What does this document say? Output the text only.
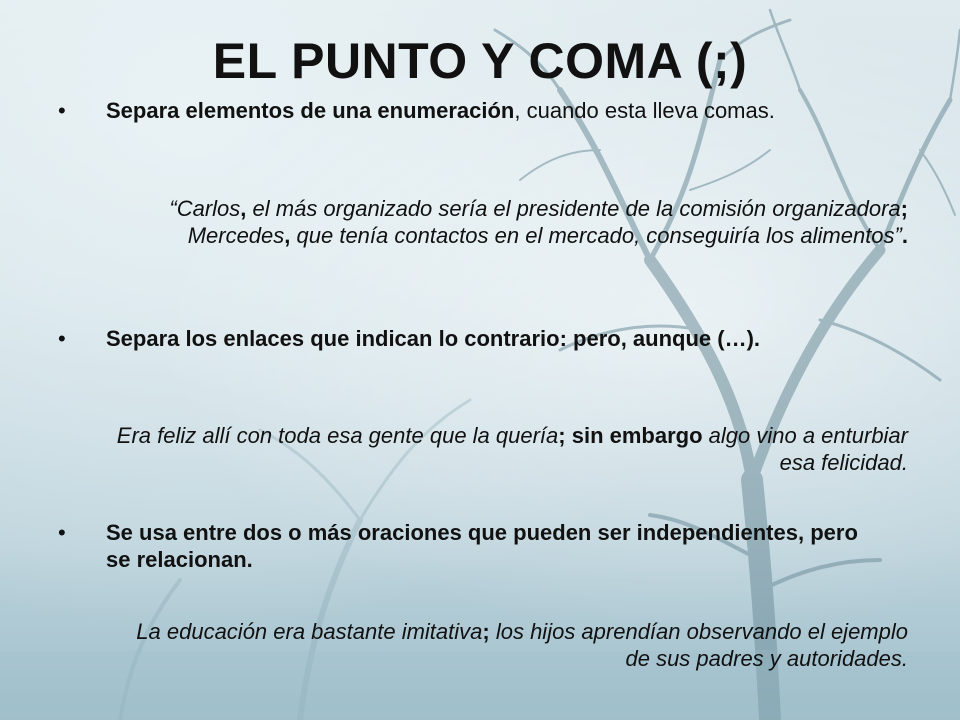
EL PUNTO Y COMA (;)
• Separa elementos de una enumeración, cuando esta lleva comas.
“Carlos, el más organizado sería el presidente de la comisión organizadora; Mercedes, que tenía contactos en el mercado, conseguiría los alimentos”.
• Separa los enlaces que indican lo contrario: pero, aunque (…).
Era feliz allí con toda esa gente que la quería; sin embargo algo vino a enturbiar esa felicidad.
• Se usa entre dos o más oraciones que pueden ser independientes, pero se relacionan.
La educación era bastante imitativa; los hijos aprendían observando el ejemplo de sus padres y autoridades.
